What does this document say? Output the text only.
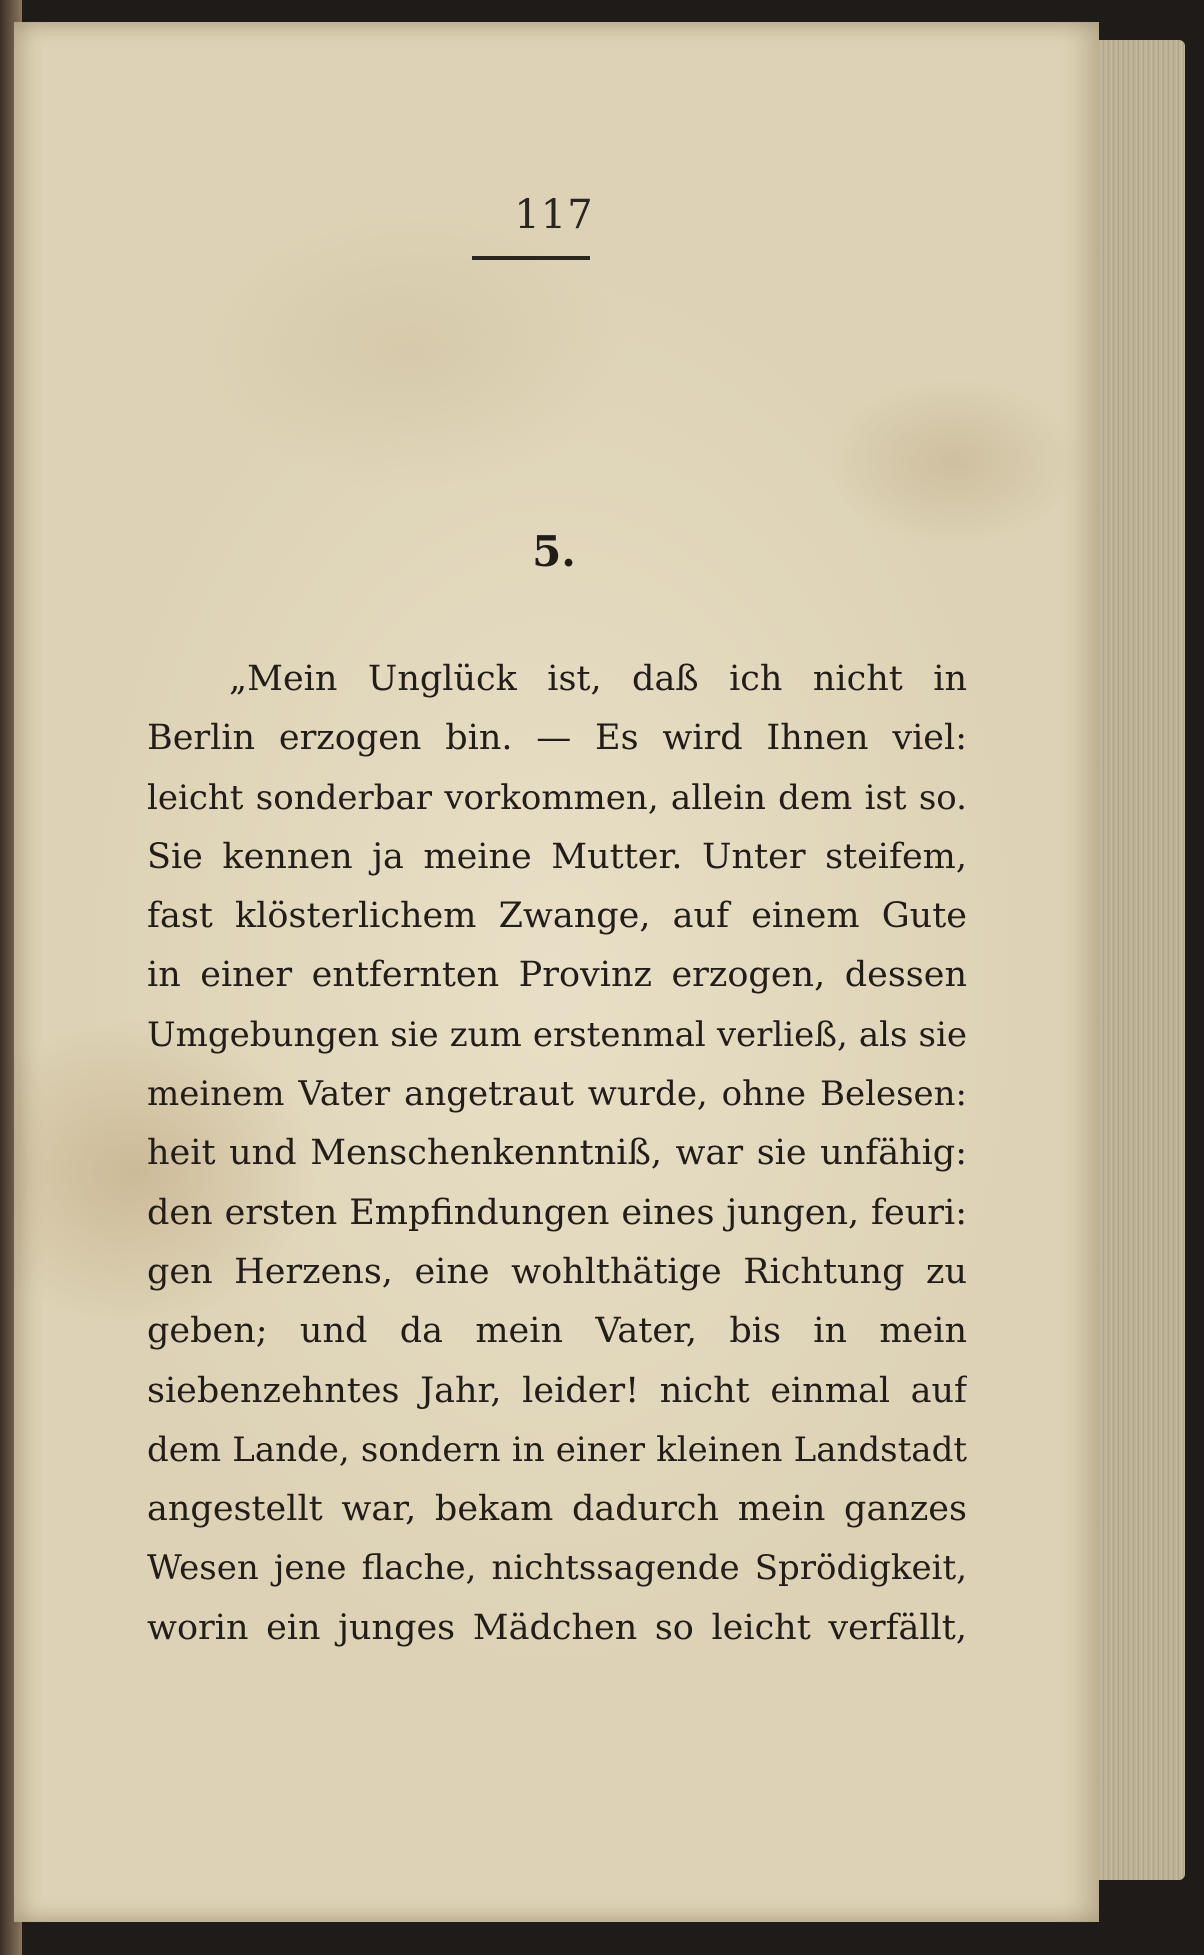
117
5.
„Mein Unglück ist, daß ich nicht in
Berlin erzogen bin. — Es wird Ihnen viel:
leicht sonderbar vorkommen, allein dem ist so.
Sie kennen ja meine Mutter. Unter steifem,
fast klösterlichem Zwange, auf einem Gute
in einer entfernten Provinz erzogen, dessen
Umgebungen sie zum erstenmal verließ, als sie
meinem Vater angetraut wurde, ohne Belesen:
heit und Menschenkenntniß, war sie unfähig:
den ersten Empfindungen eines jungen, feuri:
gen Herzens, eine wohlthätige Richtung zu
geben; und da mein Vater, bis in mein
siebenzehntes Jahr, leider! nicht einmal auf
dem Lande, sondern in einer kleinen Landstadt
angestellt war, bekam dadurch mein ganzes
Wesen jene flache, nichtssagende Sprödigkeit,
worin ein junges Mädchen so leicht verfällt,
